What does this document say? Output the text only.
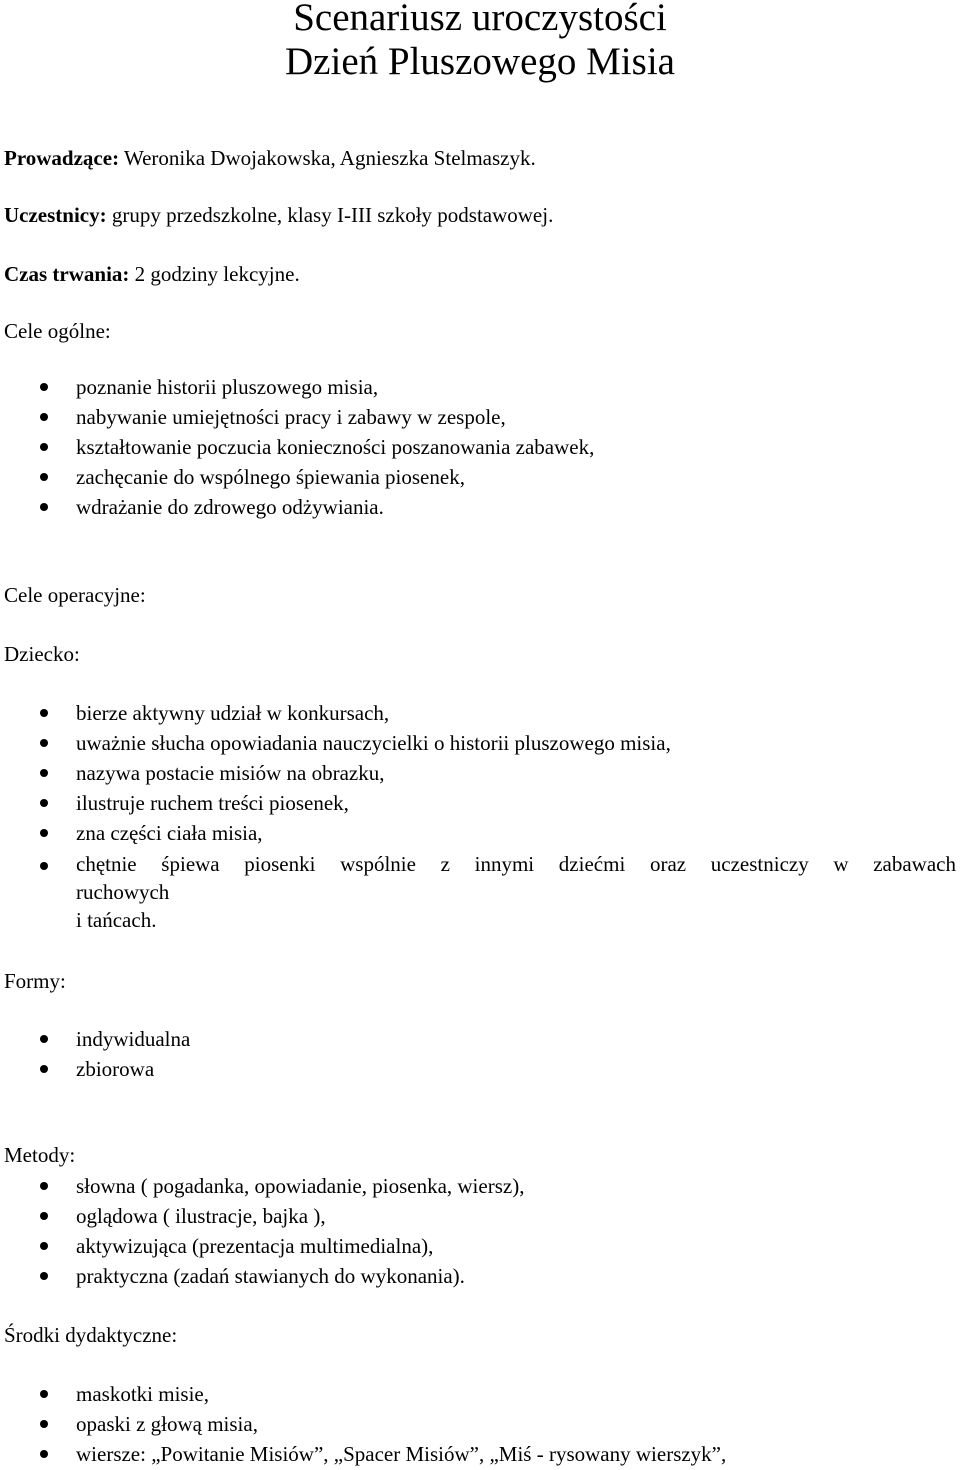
Scenariusz uroczystości
Dzień Pluszowego Misia
Prowadzące: Weronika Dwojakowska, Agnieszka Stelmaszyk.
Uczestnicy: grupy przedszkolne, klasy I-III szkoły podstawowej.
Czas trwania: 2 godziny lekcyjne.
Cele ogólne:
poznanie historii pluszowego misia,
nabywanie umiejętności pracy i zabawy w zespole,
kształtowanie poczucia konieczności poszanowania zabawek,
zachęcanie do wspólnego śpiewania piosenek,
wdrażanie do zdrowego odżywiania.
Cele operacyjne:
Dziecko:
bierze aktywny udział w konkursach,
uważnie słucha opowiadania nauczycielki o historii pluszowego misia,
nazywa postacie misiów na obrazku,
ilustruje ruchem treści piosenek,
zna części ciała misia,
chętnie śpiewa piosenki wspólnie z innymi dziećmi oraz uczestniczy w zabawach
ruchowych
i tańcach.
Formy:
indywidualna
zbiorowa
Metody:
słowna ( pogadanka, opowiadanie, piosenka, wiersz),
oglądowa ( ilustracje, bajka ),
aktywizująca (prezentacja multimedialna),
praktyczna (zadań stawianych do wykonania).
Środki dydaktyczne:
maskotki misie,
opaski z głową misia,
wiersze: „Powitanie Misiów”, „Spacer Misiów”, „Miś - rysowany wierszyk”,
